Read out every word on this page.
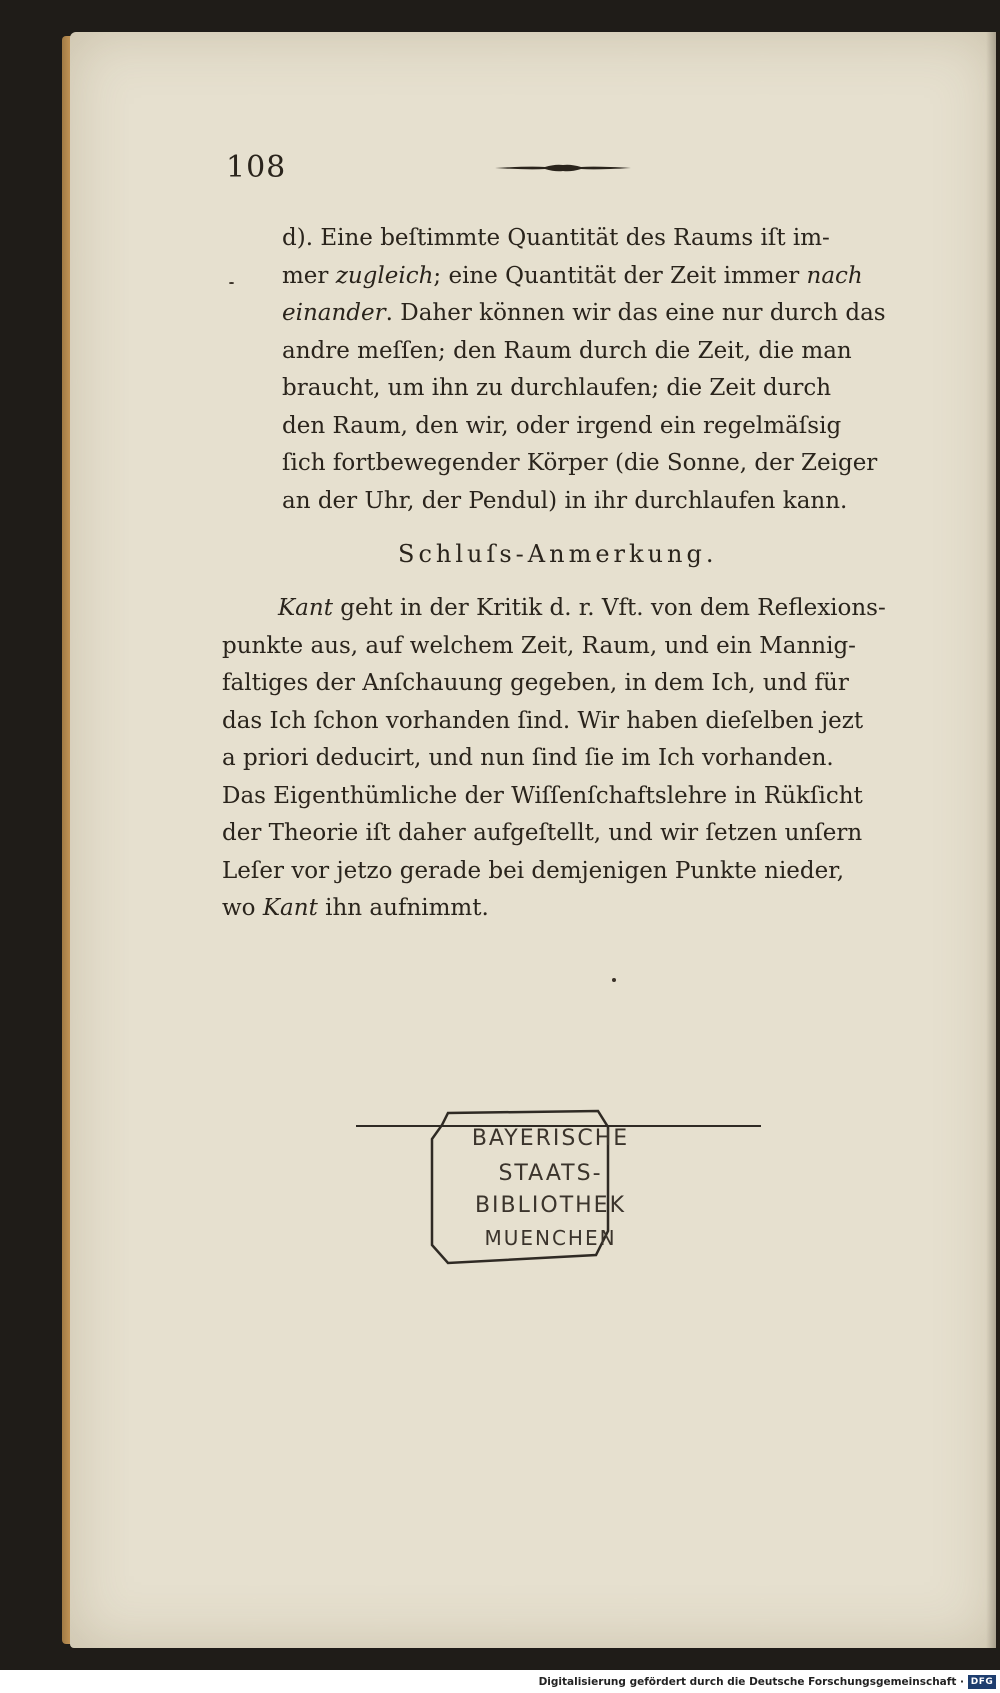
108
d). Eine beſtimmte Quantität des Raums iſt im-
mer zugleich; eine Quantität der Zeit immer nach
einander. Daher können wir das eine nur durch das
andre meſſen; den Raum durch die Zeit, die man
braucht, um ihn zu durchlaufen; die Zeit durch
den Raum, den wir, oder irgend ein regelmäſsig
ſich fortbewegender Körper (die Sonne, der Zeiger
an der Uhr, der Pendul) in ihr durchlaufen kann.
Schluſs-Anmerkung.
Kant geht in der Kritik d. r. Vft. von dem Reflexions-
punkte aus, auf welchem Zeit, Raum, und ein Mannig-
faltiges der Anſchauung gegeben, in dem Ich, und für
das Ich ſchon vorhanden ſind. Wir haben dieſelben jezt
a priori deducirt, und nun ſind ſie im Ich vorhanden.
Das Eigenthümliche der Wiſſenſchaftslehre in Rükſicht
der Theorie iſt daher aufgeſtellt, und wir ſetzen unſern
Leſer vor jetzo gerade bei demjenigen Punkte nieder,
wo Kant ihn aufnimmt.
BAYERISCHE
STAATS-
BIBLIOTHEK
MUENCHEN
Digitalisierung gefördert durch die Deutsche Forschungsgemeinschaft · DFG
